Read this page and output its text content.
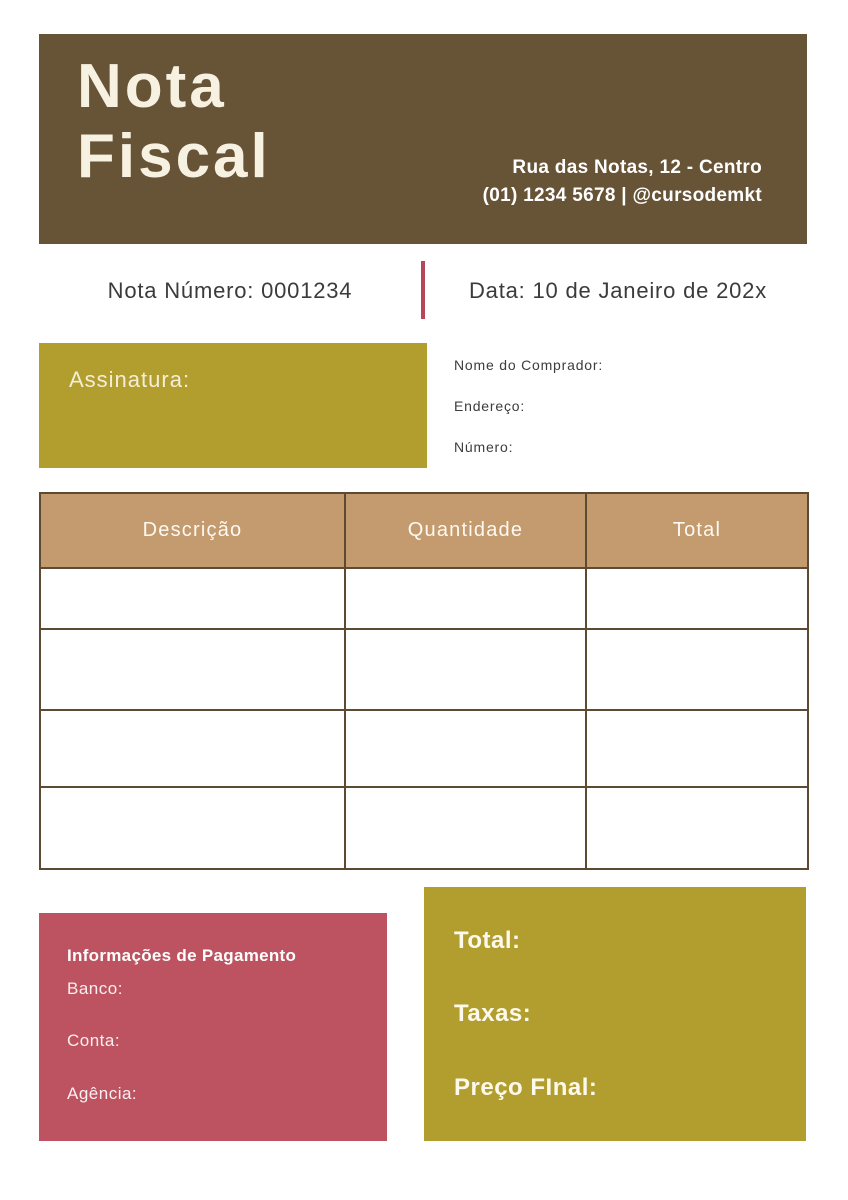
Nota
Fiscal	Rua das Notas, 12 - Centro
(01) 1234 5678 | @cursodemkt
Nota Número: 0001234	Data: 10 de Janeiro de 202x
Assinatura:
Nome do Comprador:
Endereço:
Número:
Descrição	Quantidade	Total

Informações de Pagamento
Banco:
Conta:
Agência:
Total:
Taxas:
Preço FInal:
